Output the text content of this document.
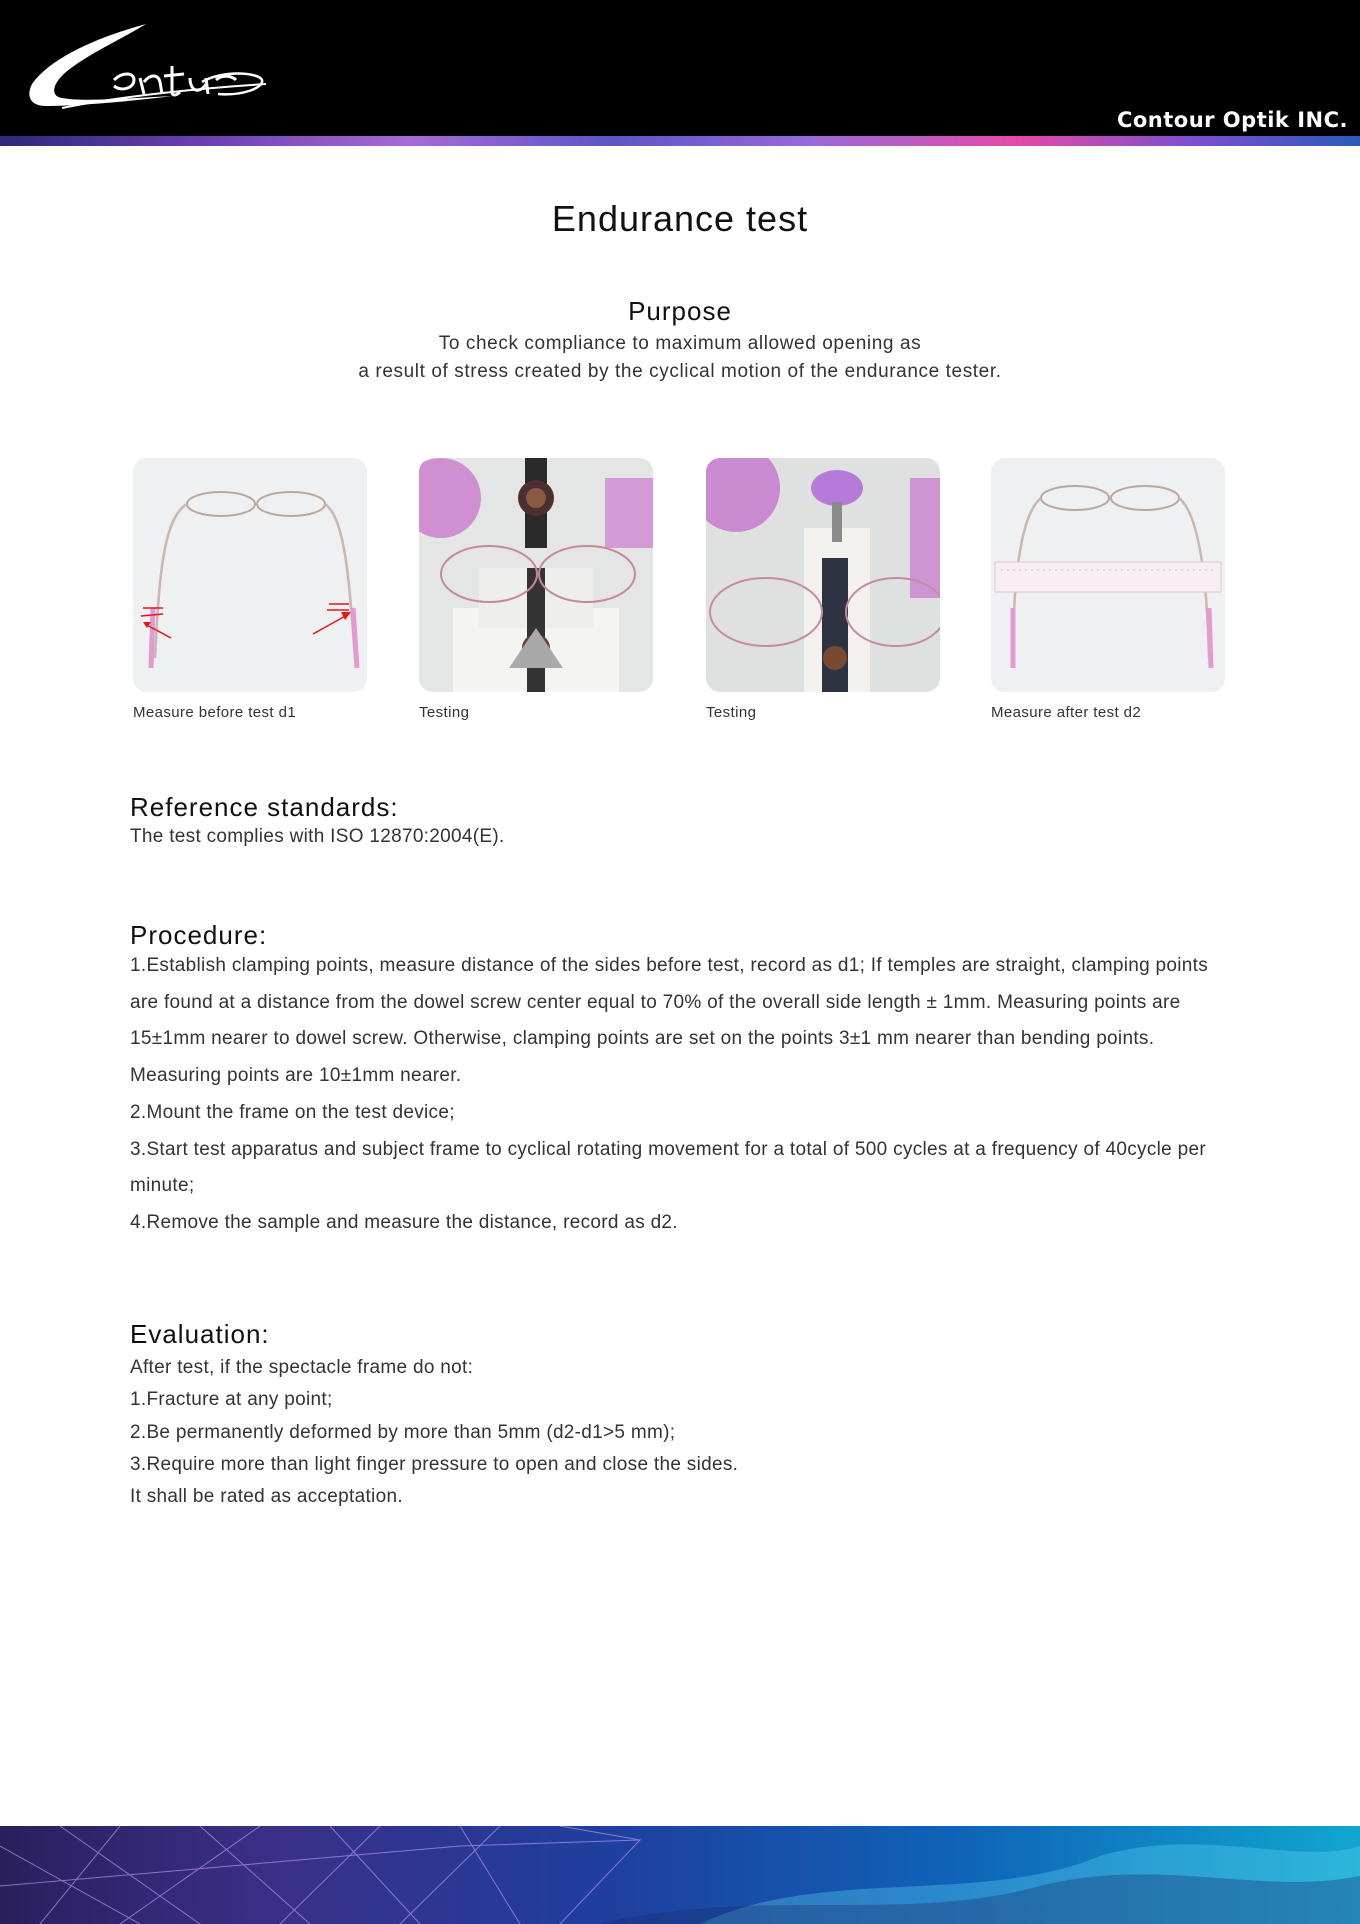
Contour Optik INC.
Endurance test
Purpose
To check compliance to maximum allowed opening as
a result of stress created by the cyclical motion of the endurance tester.
Measure before test d1	Testing	Testing	Measure after test d2
Reference standards:
The test complies with ISO 12870:2004(E).
Procedure:

1.Establish clamping points, measure distance of the sides before test, record as d1; If temples are straight, clamping points are found at a distance from the dowel screw center equal to 70% of the overall side length ± 1mm. Measuring points are 15±1mm nearer to dowel screw. Otherwise, clamping points are set on the points 3±1 mm nearer than bending points. Measuring points are 10±1mm nearer.

2.Mount the frame on the test device;

3.Start test apparatus and subject frame to cyclical rotating movement for a total of 500 cycles at a frequency of 40cycle per minute;

4.Remove the sample and measure the distance, record as d2.

Evaluation:

After test, if the spectacle frame do not:

1.Fracture at any point;

2.Be permanently deformed by more than 5mm (d2-d1>5 mm);

3.Require more than light finger pressure to open and close the sides.

It shall be rated as acceptation.
